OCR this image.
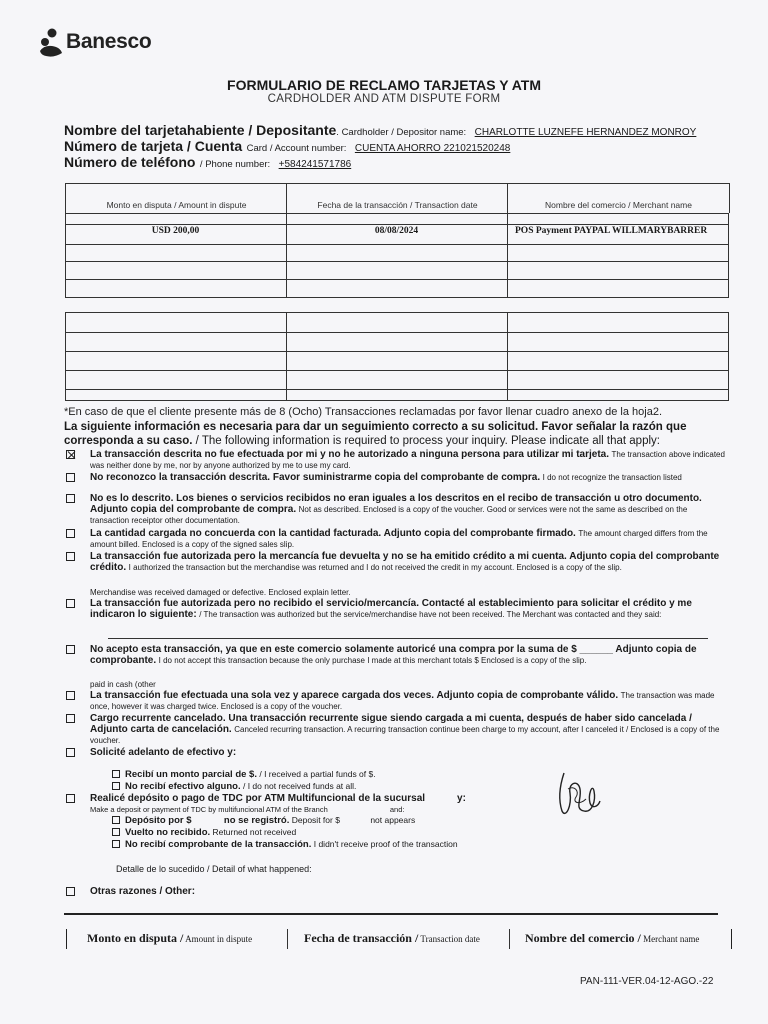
Banesco
FORMULARIO DE RECLAMO TARJETAS Y ATM
CARDHOLDER AND ATM DISPUTE FORM
Nombre del tarjetahabiente / Depositante. Cardholder / Depositor name: CHARLOTTE LUZNEFE HERNANDEZ MONROY
Número de tarjeta / Cuenta Card / Account number: CUENTA AHORRO 221021520248
Número de teléfono / Phone number: +584241571786
Monto en disputa / Amount in dispute	Fecha de la transacción / Transaction date	Nombre del comercio / Merchant name
USD 200,00	08/08/2024	POS Payment PAYPAL WILLMARYBARRER
*En caso de que el cliente presente más de 8 (Ocho) Transacciones reclamadas por favor llenar cuadro anexo de la hoja2.
La siguiente información es necesaria para dar un seguimiento correcto a su solicitud. Favor señalar la razón que corresponda a su caso. / The following information is required to process your inquiry. Please indicate all that apply:
La transacción descrita no fue efectuada por mi y no he autorizado a ninguna persona para utilizar mi tarjeta. The transaction above indicated was neither done by me, nor by anyone authorized by me to use my card.
No reconozco la transacción descrita. Favor suministrarme copia del comprobante de compra. I do not recognize the transaction listed
No es lo descrito. Los bienes o servicios recibidos no eran iguales a los descritos en el recibo de transacción u otro documento. Adjunto copia del comprobante de compra. Not as described. Enclosed is a copy of the voucher. Good or services were not the same as described on the transaction receiptor other documentation.
La cantidad cargada no concuerda con la cantidad facturada. Adjunto copia del comprobante firmado. The amount charged differs from the amount billed. Enclosed is a copy of the signed sales slip.
La transacción fue autorizada pero la mercancía fue devuelta y no se ha emitido crédito a mi cuenta. Adjunto copia del comprobante crédito. I authorized the transaction but the merchandise was returned and I do not received the credit in my account. Enclosed is a copy of the slip.
Merchandise was received damaged or defective. Enclosed explain letter.
La transacción fue autorizada pero no recibido el servicio/mercancía. Contacté al establecimiento para solicitar el crédito y me indicaron lo siguiente: / The transaction was authorized but the service/merchandise have not been received. The Merchant was contacted and they said:
No acepto esta transacción, ya que en este comercio solamente autoricé una compra por la suma de $ ______ Adjunto copia de comprobante. I do not accept this transaction because the only purchase I made at this merchant totals $ Enclosed is a copy of the slip.
paid in cash (other
La transacción fue efectuada una sola vez y aparece cargada dos veces. Adjunto copia de comprobante válido. The transaction was made once, however it was charged twice. Enclosed is a copy of the voucher.
Cargo recurrente cancelado. Una transacción recurrente sigue siendo cargada a mi cuenta, después de haber sido cancelada / Adjunto carta de cancelación. Canceled recurring transaction. A recurring transaction continue been charge to my account, after I canceled it / Enclosed is a copy of the voucher.
Solicité adelanto de efectivo y:
Recibí un monto parcial de $. / I received a partial funds of $.
No recibí efectivo alguno. / I do not received funds at all.
Realicé depósito o pago de TDC por ATM Multifuncional de la sucursal	y:
Make a deposit or payment of TDC by multifuncional ATM of the Branch	and:
Depósito por $	no se registró. Deposit for $	not appears
Vuelto no recibido. Returned not received
No recibí comprobante de la transacción. I didn't receive proof of the transaction
Detalle de lo sucedido / Detail of what happened:
Otras razones / Other:
Monto en disputa / Amount in dispute	Fecha de transacción / Transaction date	Nombre del comercio / Merchant name
PAN-111-VER.04-12-AGO.-22
